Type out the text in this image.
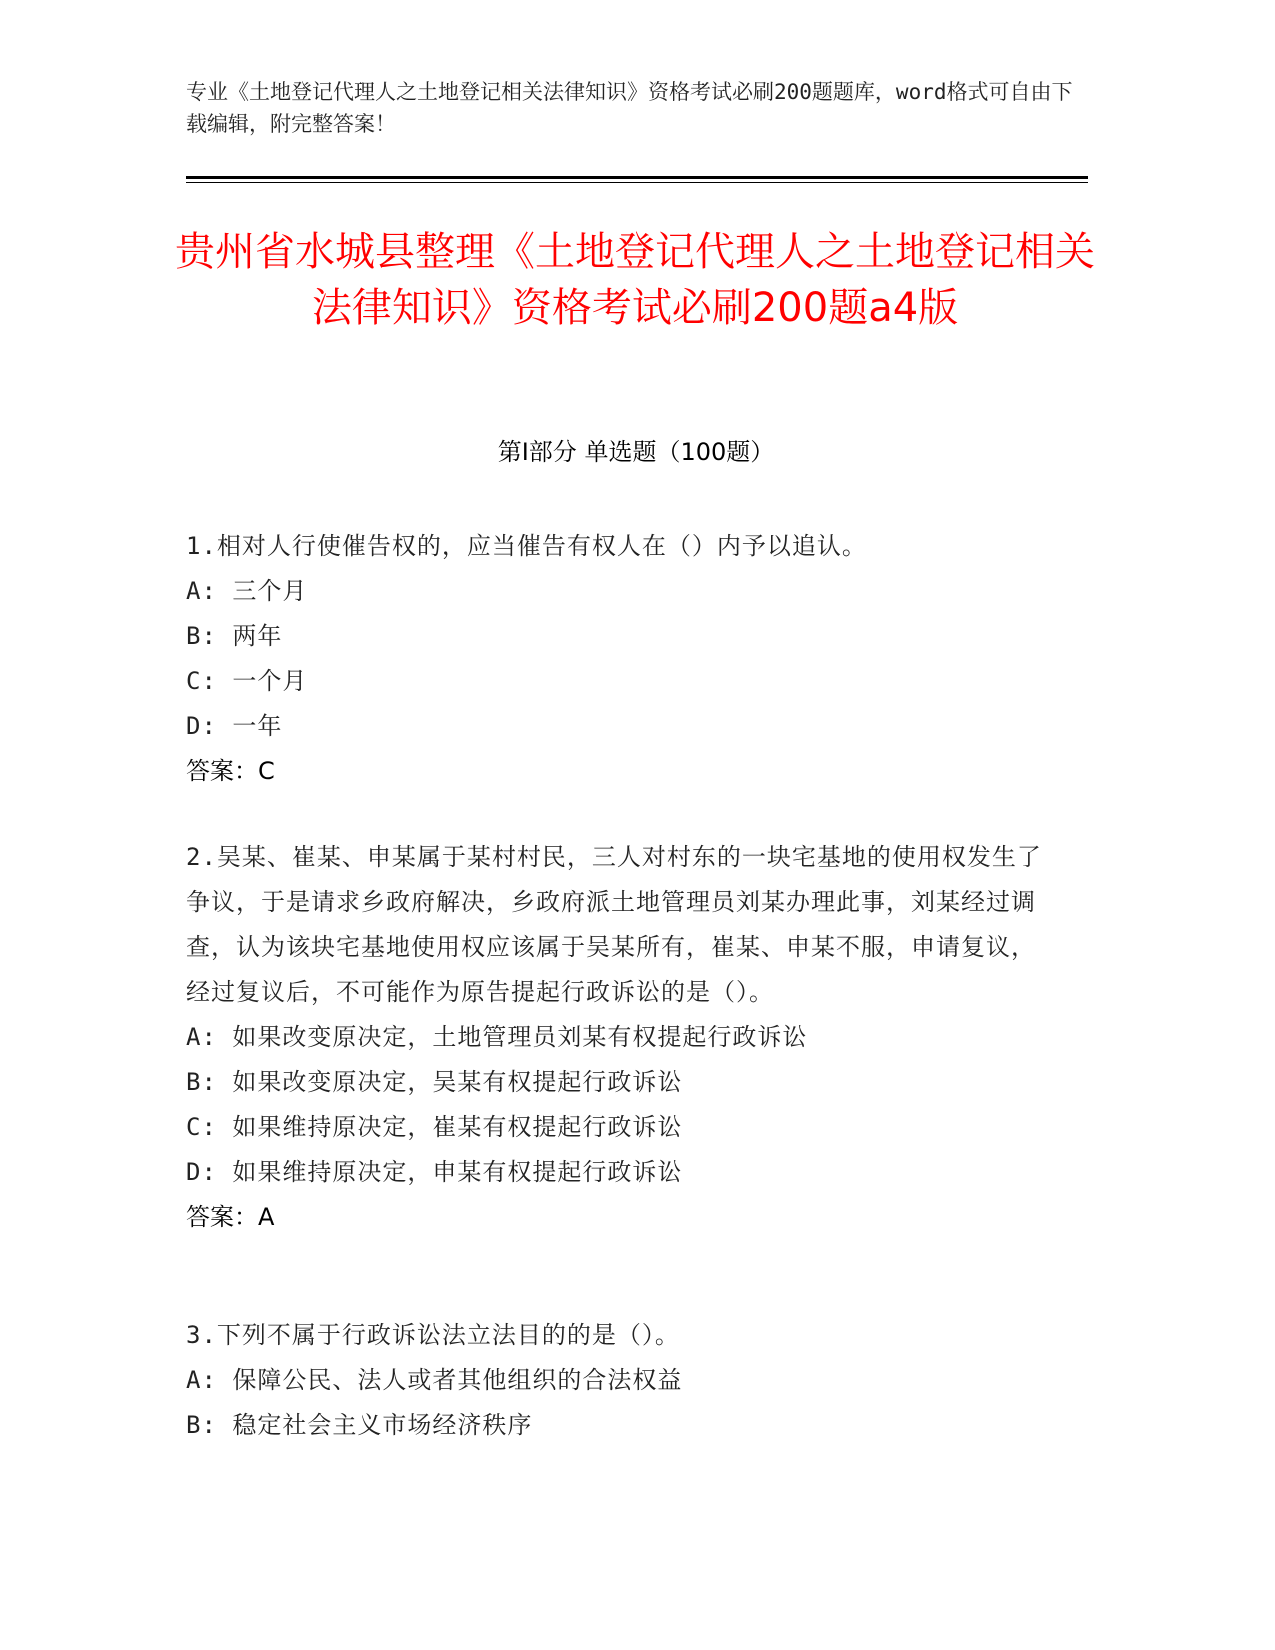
专业《土地登记代理人之土地登记相关法律知识》资格考试必刷200题题库，word格式可自由下载编辑，附完整答案！
贵州省水城县整理《土地登记代理人之土地登记相关法律知识》资格考试必刷200题a4版
第Ⅰ部分 单选题（100题）
1.相对人行使催告权的，应当催告有权人在（）内予以追认。
A: 三个月
B: 两年
C: 一个月
D: 一年
答案：C
2.吴某、崔某、申某属于某村村民，三人对村东的一块宅基地的使用权发生了争议，于是请求乡政府解决，乡政府派土地管理员刘某办理此事，刘某经过调查，认为该块宅基地使用权应该属于吴某所有，崔某、申某不服，申请复议，经过复议后，不可能作为原告提起行政诉讼的是（）。
A: 如果改变原决定，土地管理员刘某有权提起行政诉讼
B: 如果改变原决定，吴某有权提起行政诉讼
C: 如果维持原决定，崔某有权提起行政诉讼
D: 如果维持原决定，申某有权提起行政诉讼
答案：A
3.下列不属于行政诉讼法立法目的的是（）。
A: 保障公民、法人或者其他组织的合法权益
B: 稳定社会主义市场经济秩序
